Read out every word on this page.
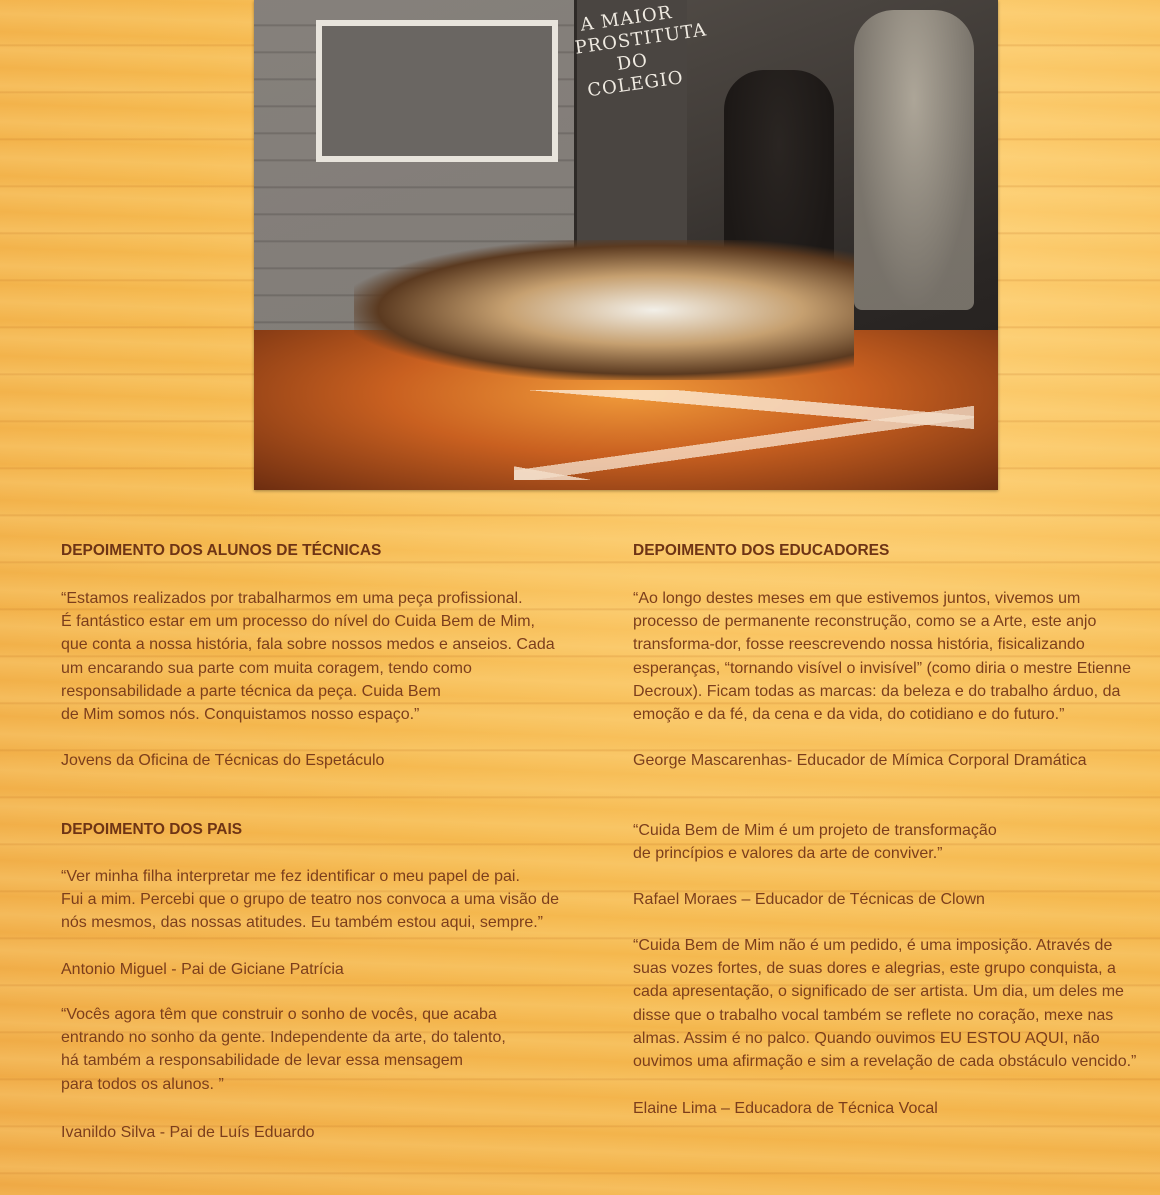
A MAIOR PROSTITUTA DO COLEGIO
DEPOIMENTO DOS ALUNOS DE TÉCNICAS

“Estamos realizados por trabalharmos em uma peça profissional.
É fantástico estar em um processo do nível do Cuida Bem de Mim,
que conta a nossa história, fala sobre nossos medos e anseios. Cada
um encarando sua parte com muita coragem, tendo como
responsabilidade a parte técnica da peça. Cuida Bem
de Mim somos nós. Conquistamos nosso espaço.”

Jovens da Oficina de Técnicas do Espetáculo

DEPOIMENTO DOS PAIS

“Ver minha filha interpretar me fez identificar o meu papel de pai.
Fui a mim. Percebi que o grupo de teatro nos convoca a uma visão de
nós mesmos, das nossas atitudes. Eu também estou aqui, sempre.”

Antonio Miguel - Pai de Giciane Patrícia

“Vocês agora têm que construir o sonho de vocês, que acaba
entrando no sonho da gente. Independente da arte, do talento,
há também a responsabilidade de levar essa mensagem
para todos os alunos. ”

Ivanildo Silva - Pai de Luís Eduardo

DEPOIMENTO DOS EDUCADORES

“Ao longo destes meses em que estivemos juntos, vivemos um
processo de permanente reconstrução, como se a Arte, este anjo
transforma-dor, fosse reescrevendo nossa história, fisicalizando
esperanças, “tornando visível o invisível” (como diria o mestre Etienne
Decroux). Ficam todas as marcas: da beleza e do trabalho árduo, da
emoção e da fé, da cena e da vida, do cotidiano e do futuro.”

George Mascarenhas- Educador de Mímica Corporal Dramática

“Cuida Bem de Mim é um projeto de transformação
de princípios e valores da arte de conviver.”

Rafael Moraes – Educador de Técnicas de Clown

“Cuida Bem de Mim não é um pedido, é uma imposição. Através de
suas vozes fortes, de suas dores e alegrias, este grupo conquista, a
cada apresentação, o significado de ser artista. Um dia, um deles me
disse que o trabalho vocal também se reflete no coração, mexe nas
almas. Assim é no palco. Quando ouvimos EU ESTOU AQUI, não
ouvimos uma afirmação e sim a revelação de cada obstáculo vencido.”

Elaine Lima – Educadora de Técnica Vocal
